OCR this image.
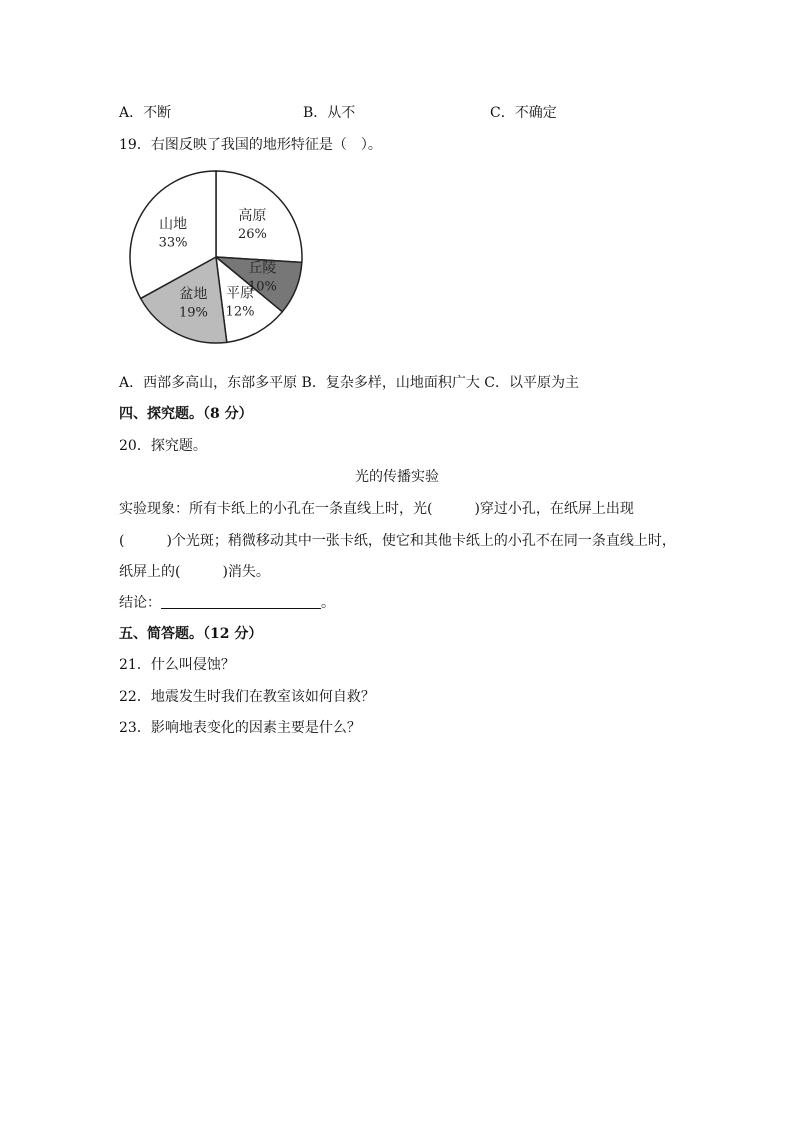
A．不断	B．从不	C．不确定
19．右图反映了我国的地形特征是（　）。
高原
26%
丘陵
10%
平原
12%
盆地
19%
山地
33%
A．西部多高山，东部多平原 B．复杂多样，山地面积广大 C．以平原为主
四、探究题。（8 分）
20．探究题。
光的传播实验
实验现象：所有卡纸上的小孔在一条直线上时，光(　　　)穿过小孔，在纸屏上出现
(　　　)个光斑；稍微移动其中一张卡纸，使它和其他卡纸上的小孔不在同一条直线上时，
纸屏上的(　　　)消失。
结论：	。
五、简答题。（12 分）
21．什么叫侵蚀？
22．地震发生时我们在教室该如何自救？
23．影响地表变化的因素主要是什么？
